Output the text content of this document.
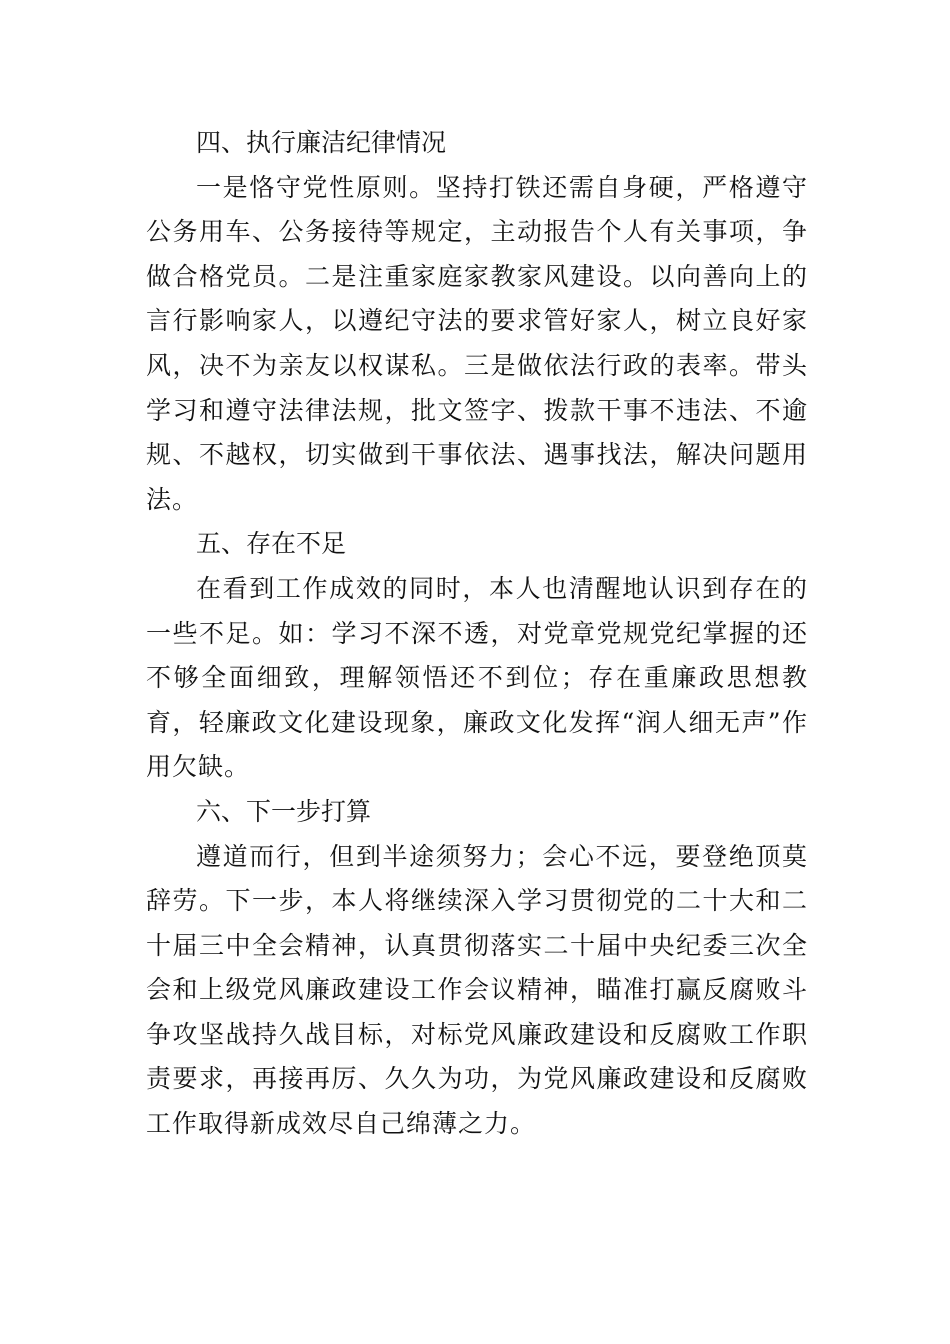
四、执行廉洁纪律情况

一是恪守党性原则。坚持打铁还需自身硬，严格遵守公务用车、公务接待等规定，主动报告个人有关事项，争做合格党员。二是注重家庭家教家风建设。以向善向上的言行影响家人，以遵纪守法的要求管好家人，树立良好家风，决不为亲友以权谋私。三是做依法行政的表率。带头学习和遵守法律法规，批文签字、拨款干事不违法、不逾规、不越权，切实做到干事依法、遇事找法，解决问题用法。

五、存在不足

在看到工作成效的同时，本人也清醒地认识到存在的一些不足。如：学习不深不透，对党章党规党纪掌握的还不够全面细致，理解领悟还不到位；存在重廉政思想教育，轻廉政文化建设现象，廉政文化发挥“润人细无声”作用欠缺。

六、下一步打算

遵道而行，但到半途须努力；会心不远，要登绝顶莫辞劳。下一步，本人将继续深入学习贯彻党的二十大和二十届三中全会精神，认真贯彻落实二十届中央纪委三次全会和上级党风廉政建设工作会议精神，瞄准打赢反腐败斗争攻坚战持久战目标，对标党风廉政建设和反腐败工作职责要求，再接再厉、久久为功，为党风廉政建设和反腐败工作取得新成效尽自己绵薄之力。
